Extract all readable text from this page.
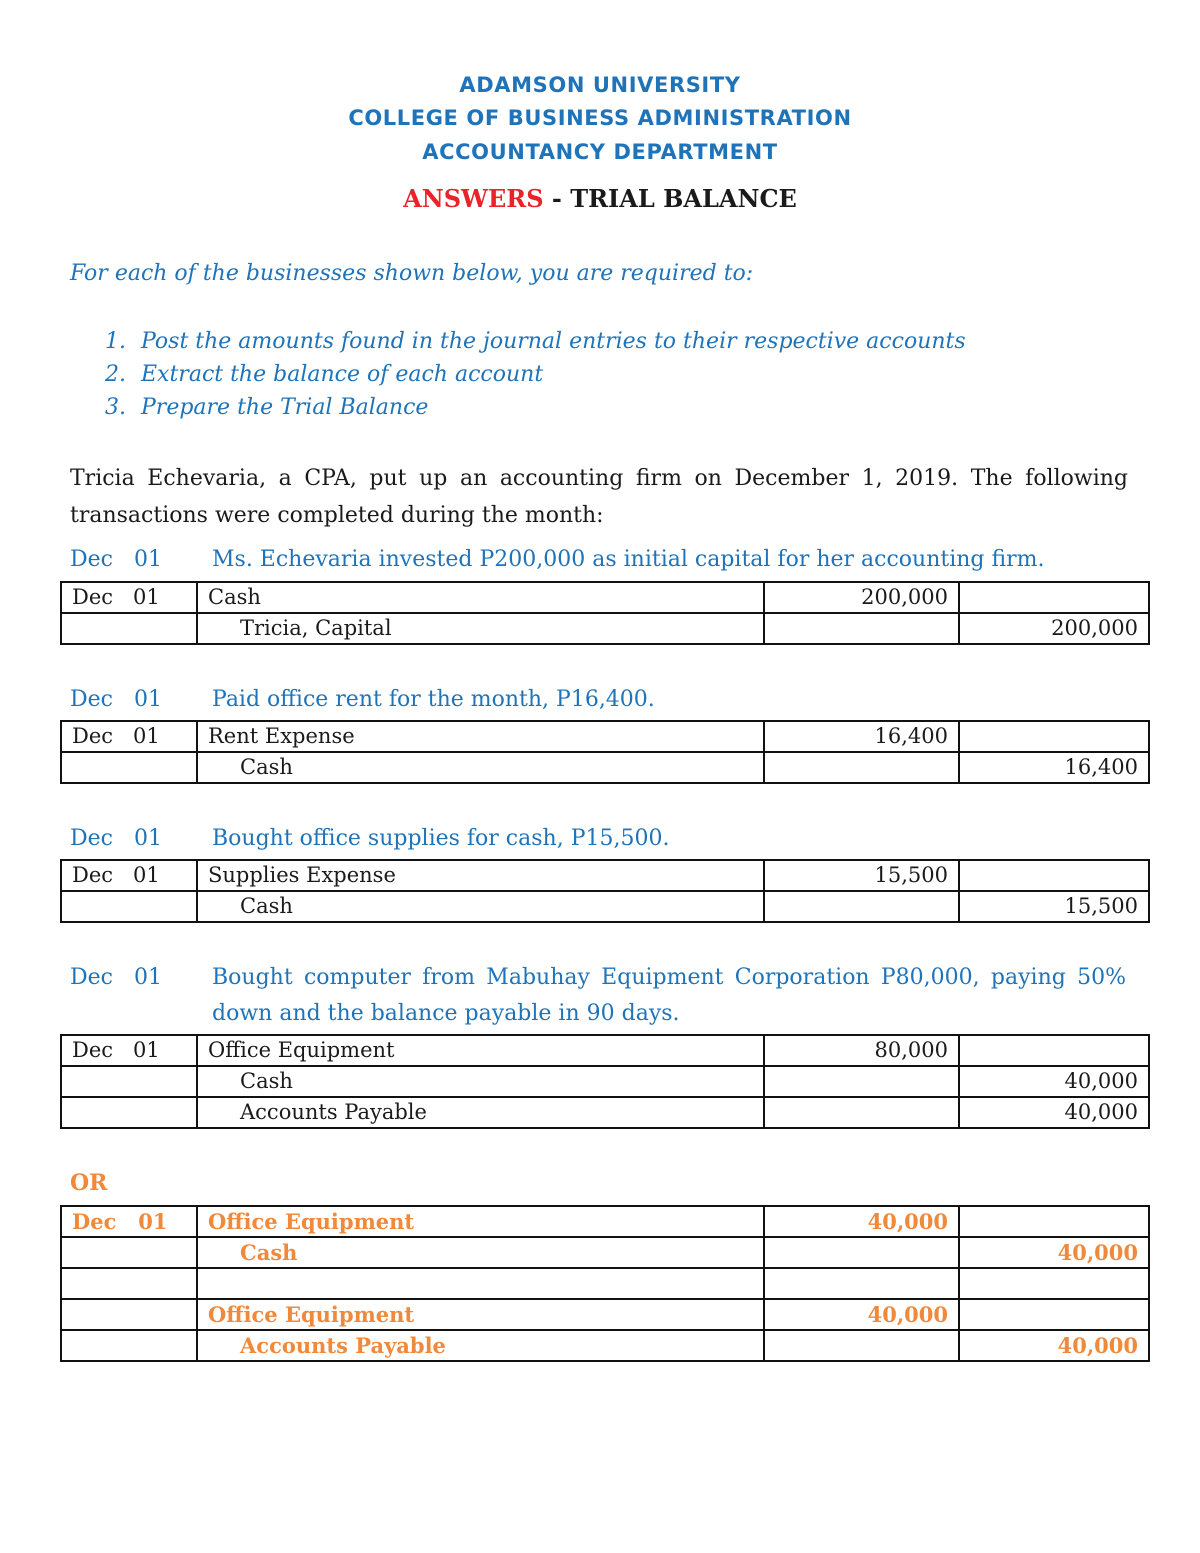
ADAMSON UNIVERSITY
COLLEGE OF BUSINESS ADMINISTRATION
ACCOUNTANCY DEPARTMENT
ANSWERS - TRIAL BALANCE
For each of the businesses shown below, you are required to:
1. Post the amounts found in the journal entries to their respective accounts
2. Extract the balance of each account
3. Prepare the Trial Balance
Tricia Echevaria, a CPA, put up an accounting firm on December 1, 2019. The following transactions were completed during the month:
Dec   01 Ms. Echevaria invested P200,000 as initial capital for her accounting firm.
Dec   01	Cash	200,000	
	Tricia, Capital		200,000
Dec   01 Paid office rent for the month, P16,400.
Dec   01	Rent Expense	16,400	
	Cash		16,400
Dec   01 Bought office supplies for cash, P15,500.
Dec   01	Supplies Expense	15,500	
	Cash		15,500
Dec   01 Bought computer from Mabuhay Equipment Corporation P80,000, paying 50% down and the balance payable in 90 days.
Dec   01	Office Equipment	80,000	
	Cash		40,000
	Accounts Payable		40,000
OR
Dec   01	Office Equipment	40,000	
	Cash		40,000

	Office Equipment	40,000	
	Accounts Payable		40,000
